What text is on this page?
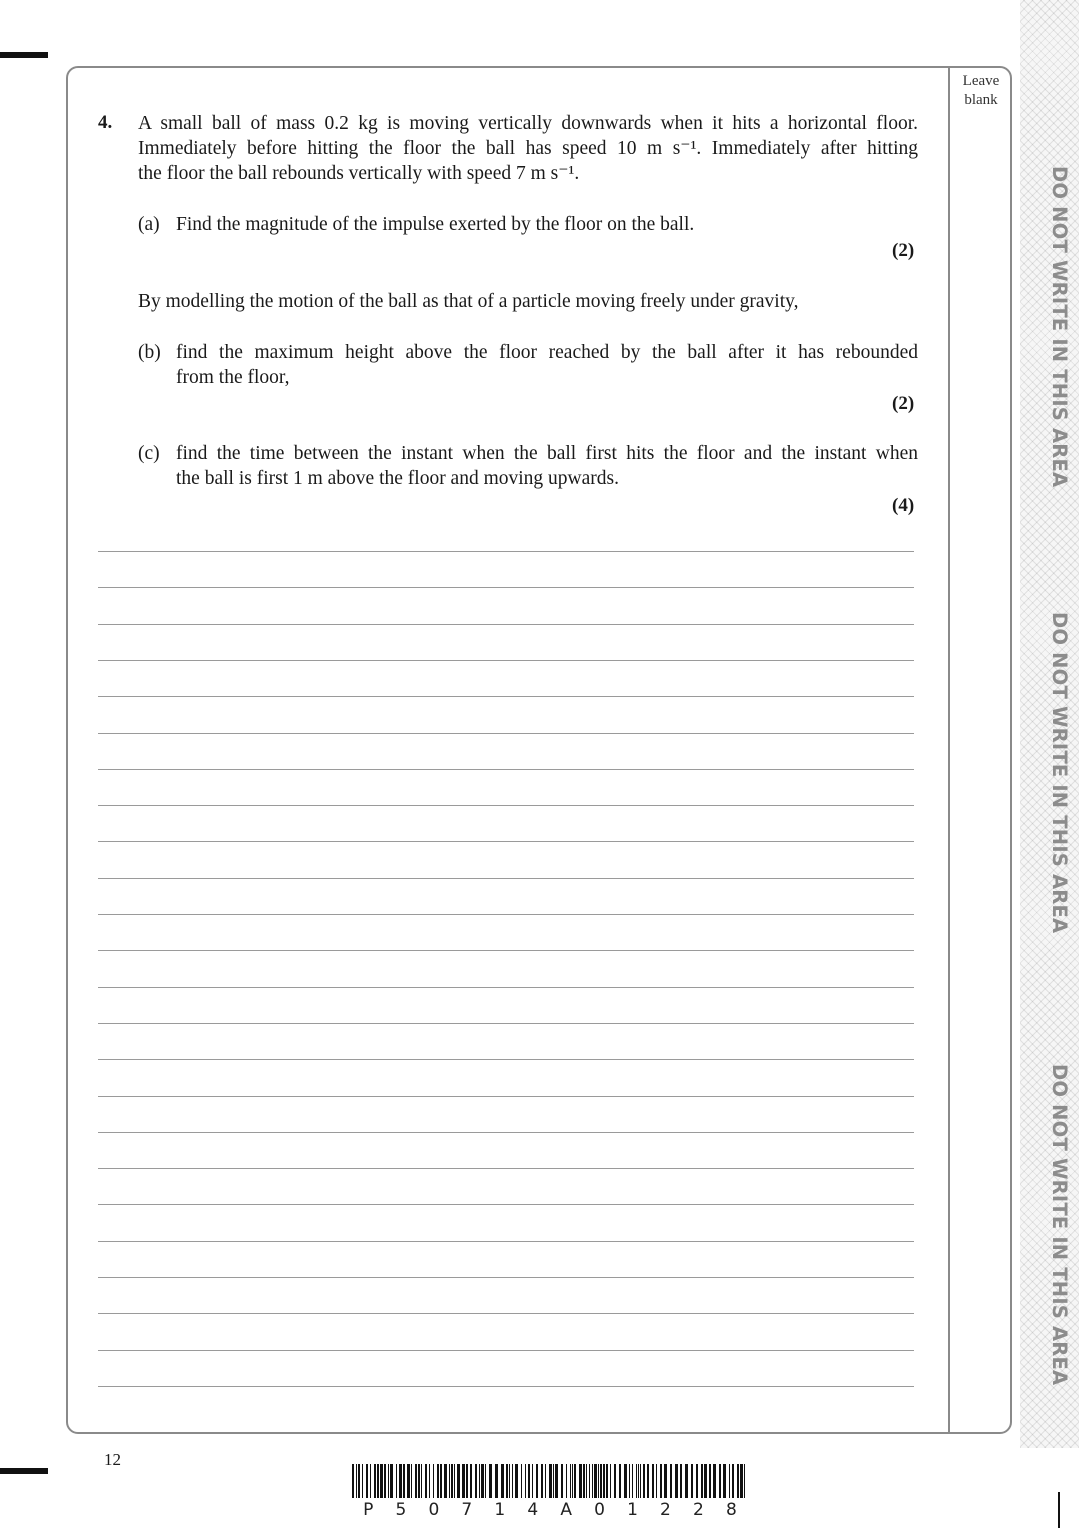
Leave
blank
4. A small ball of mass 0.2 kg is moving vertically downwards when it hits a horizontal floor.
Immediately before hitting the floor the ball has speed 10 m s⁻¹. Immediately after hitting
the floor the ball rebounds vertically with speed 7 m s⁻¹.
(a) Find the magnitude of the impulse exerted by the floor on the ball.
(2)
By modelling the motion of the ball as that of a particle moving freely under gravity,
(b) find the maximum height above the floor reached by the ball after it has rebounded
from the floor,
(2)
(c) find the time between the instant when the ball first hits the floor and the instant when
the ball is first 1 m above the floor and moving upwards.
(4)
12
P 5 0 7 1 4 A 0 1 2 2 8
DO NOT WRITE IN THIS AREA
DO NOT WRITE IN THIS AREA
DO NOT WRITE IN THIS AREA
